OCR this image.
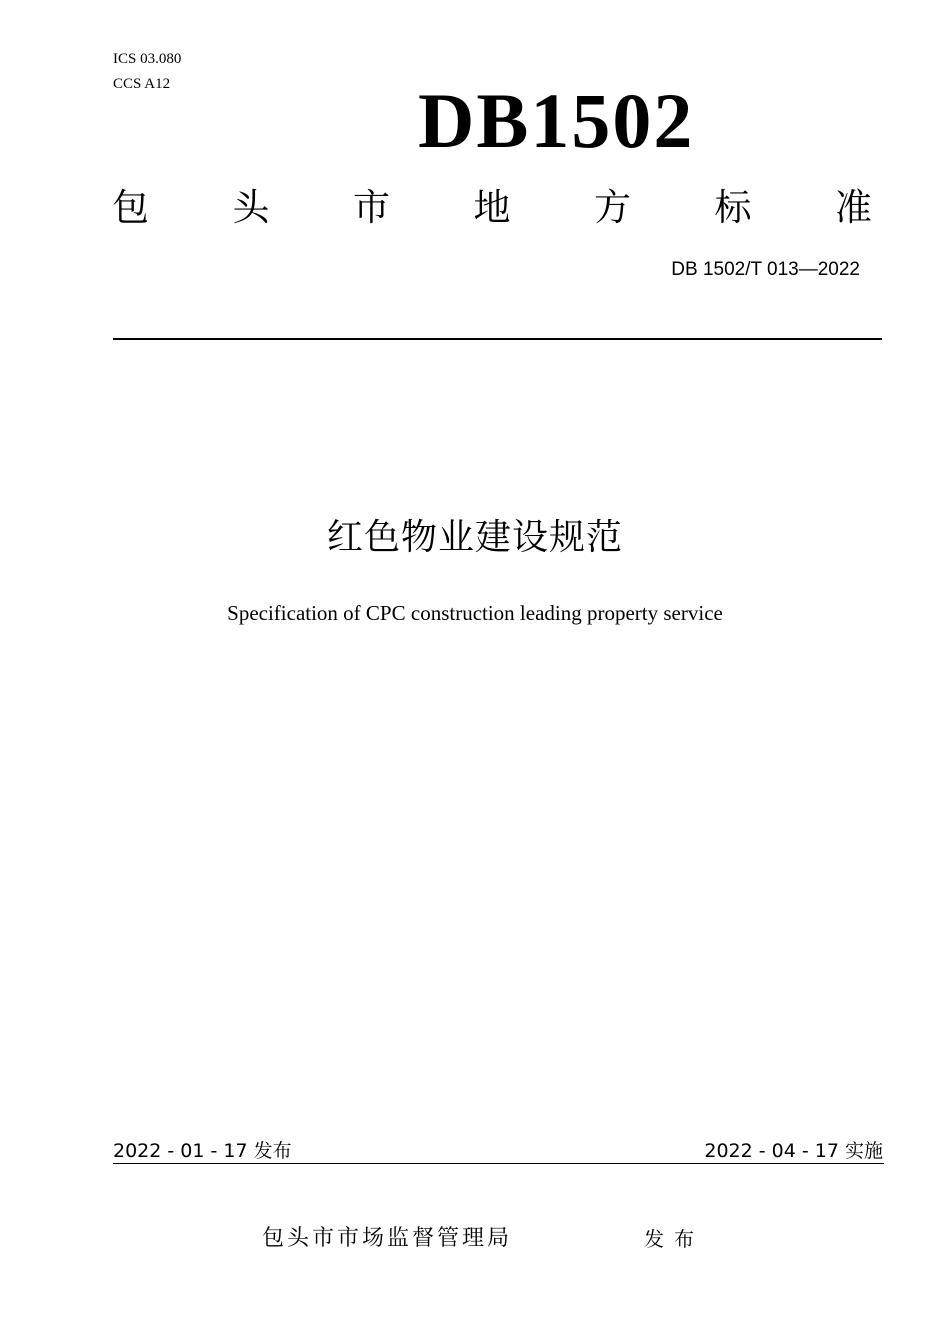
ICS 03.080
CCS A12	DB1502
包 头 市 地 方 标 准
DB 1502/T 013—2022
红色物业建设规范
Specification of CPC construction leading property service
2022 - 01 - 17 发布	2022 - 04 - 17 实施
包头市市场监督管理局	发布
